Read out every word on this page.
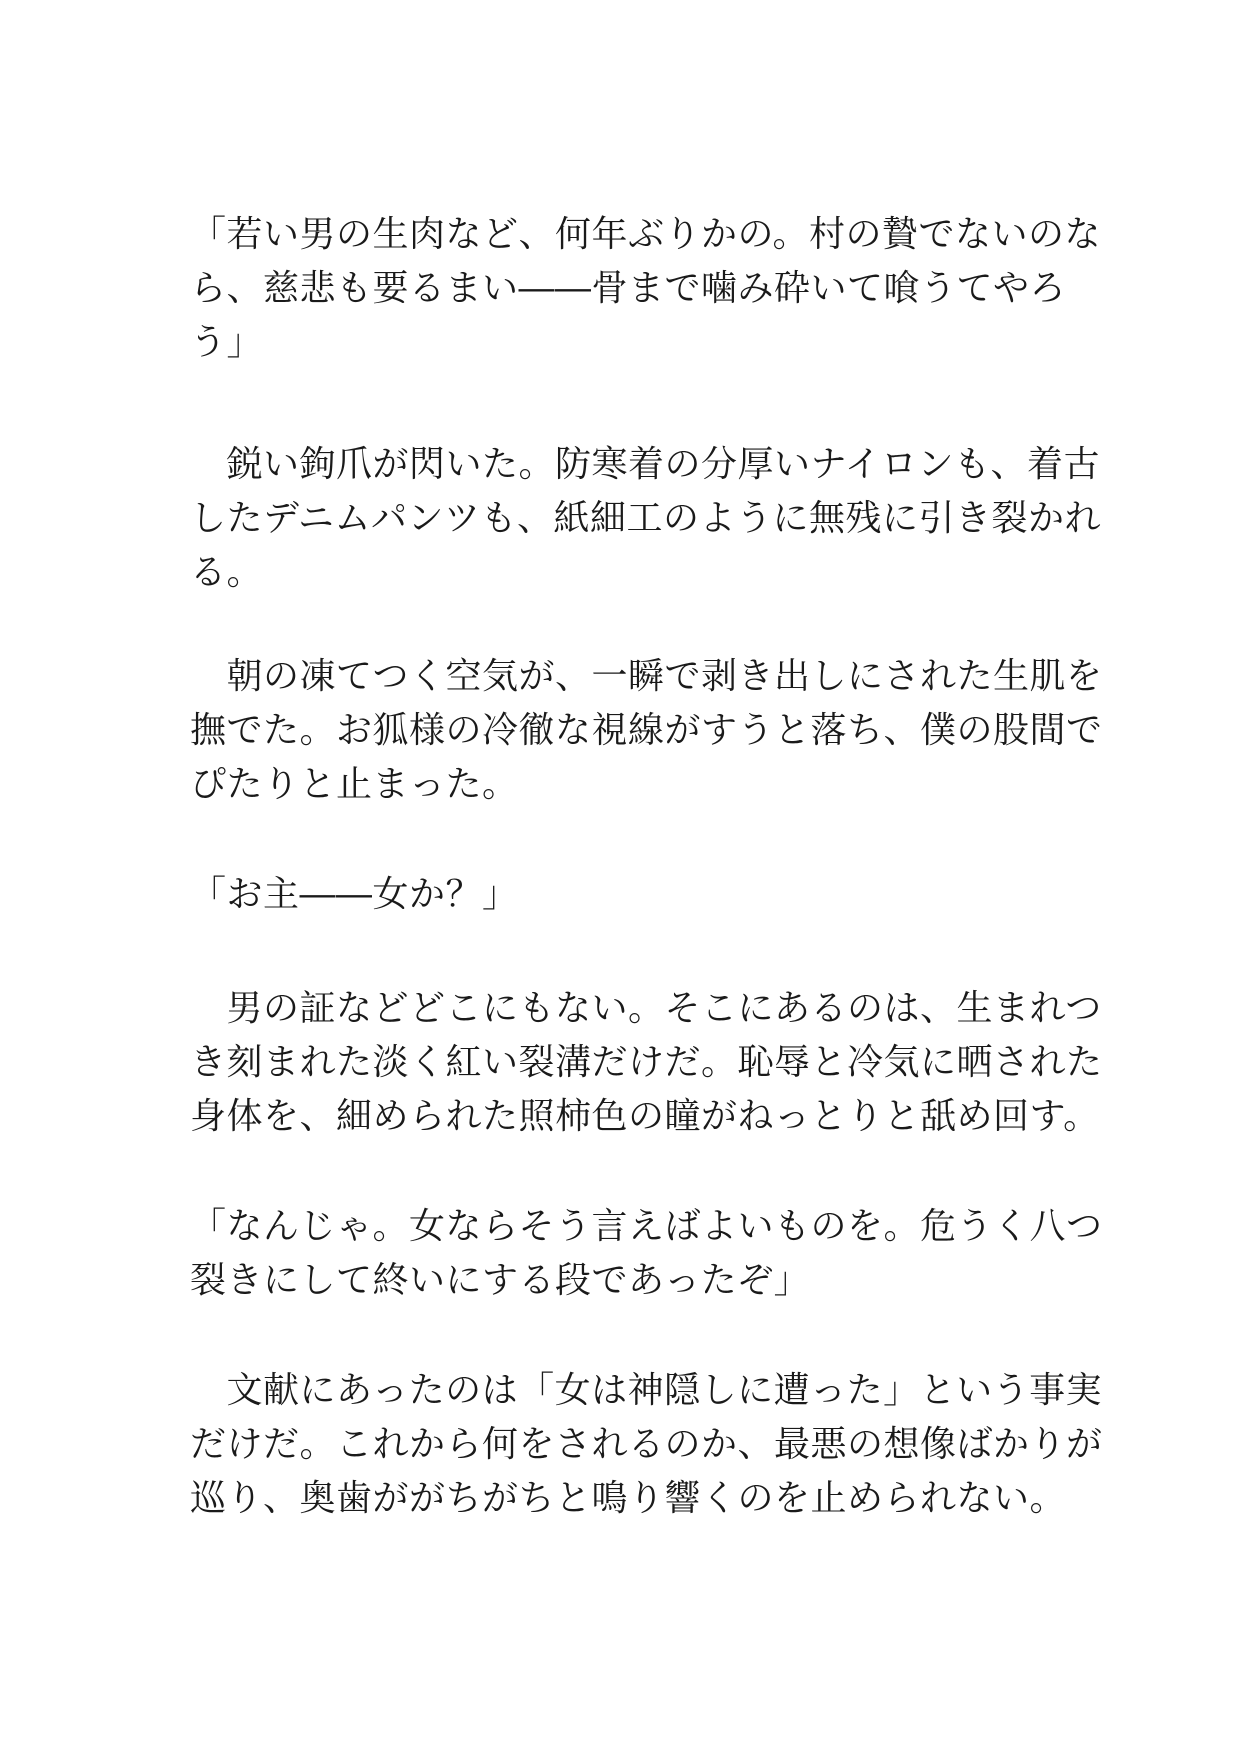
「若い男の生肉など、何年ぶりかの。村の贄でないのな
ら、慈悲も要るまい――骨まで噛み砕いて喰うてやろ
う」
　鋭い鉤爪が閃いた。防寒着の分厚いナイロンも、着古
したデニムパンツも、紙細工のように無残に引き裂かれ
る。
　朝の凍てつく空気が、一瞬で剥き出しにされた生肌を
撫でた。お狐様の冷徹な視線がすうと落ち、僕の股間で
ぴたりと止まった。
「お主――女か？」
　男の証などどこにもない。そこにあるのは、生まれつ
き刻まれた淡く紅い裂溝だけだ。恥辱と冷気に晒された
身体を、細められた照柿色の瞳がねっとりと舐め回す。
「なんじゃ。女ならそう言えばよいものを。危うく八つ
裂きにして終いにする段であったぞ」
　文献にあったのは「女は神隠しに遭った」という事実
だけだ。これから何をされるのか、最悪の想像ばかりが
巡り、奥歯ががちがちと鳴り響くのを止められない。
